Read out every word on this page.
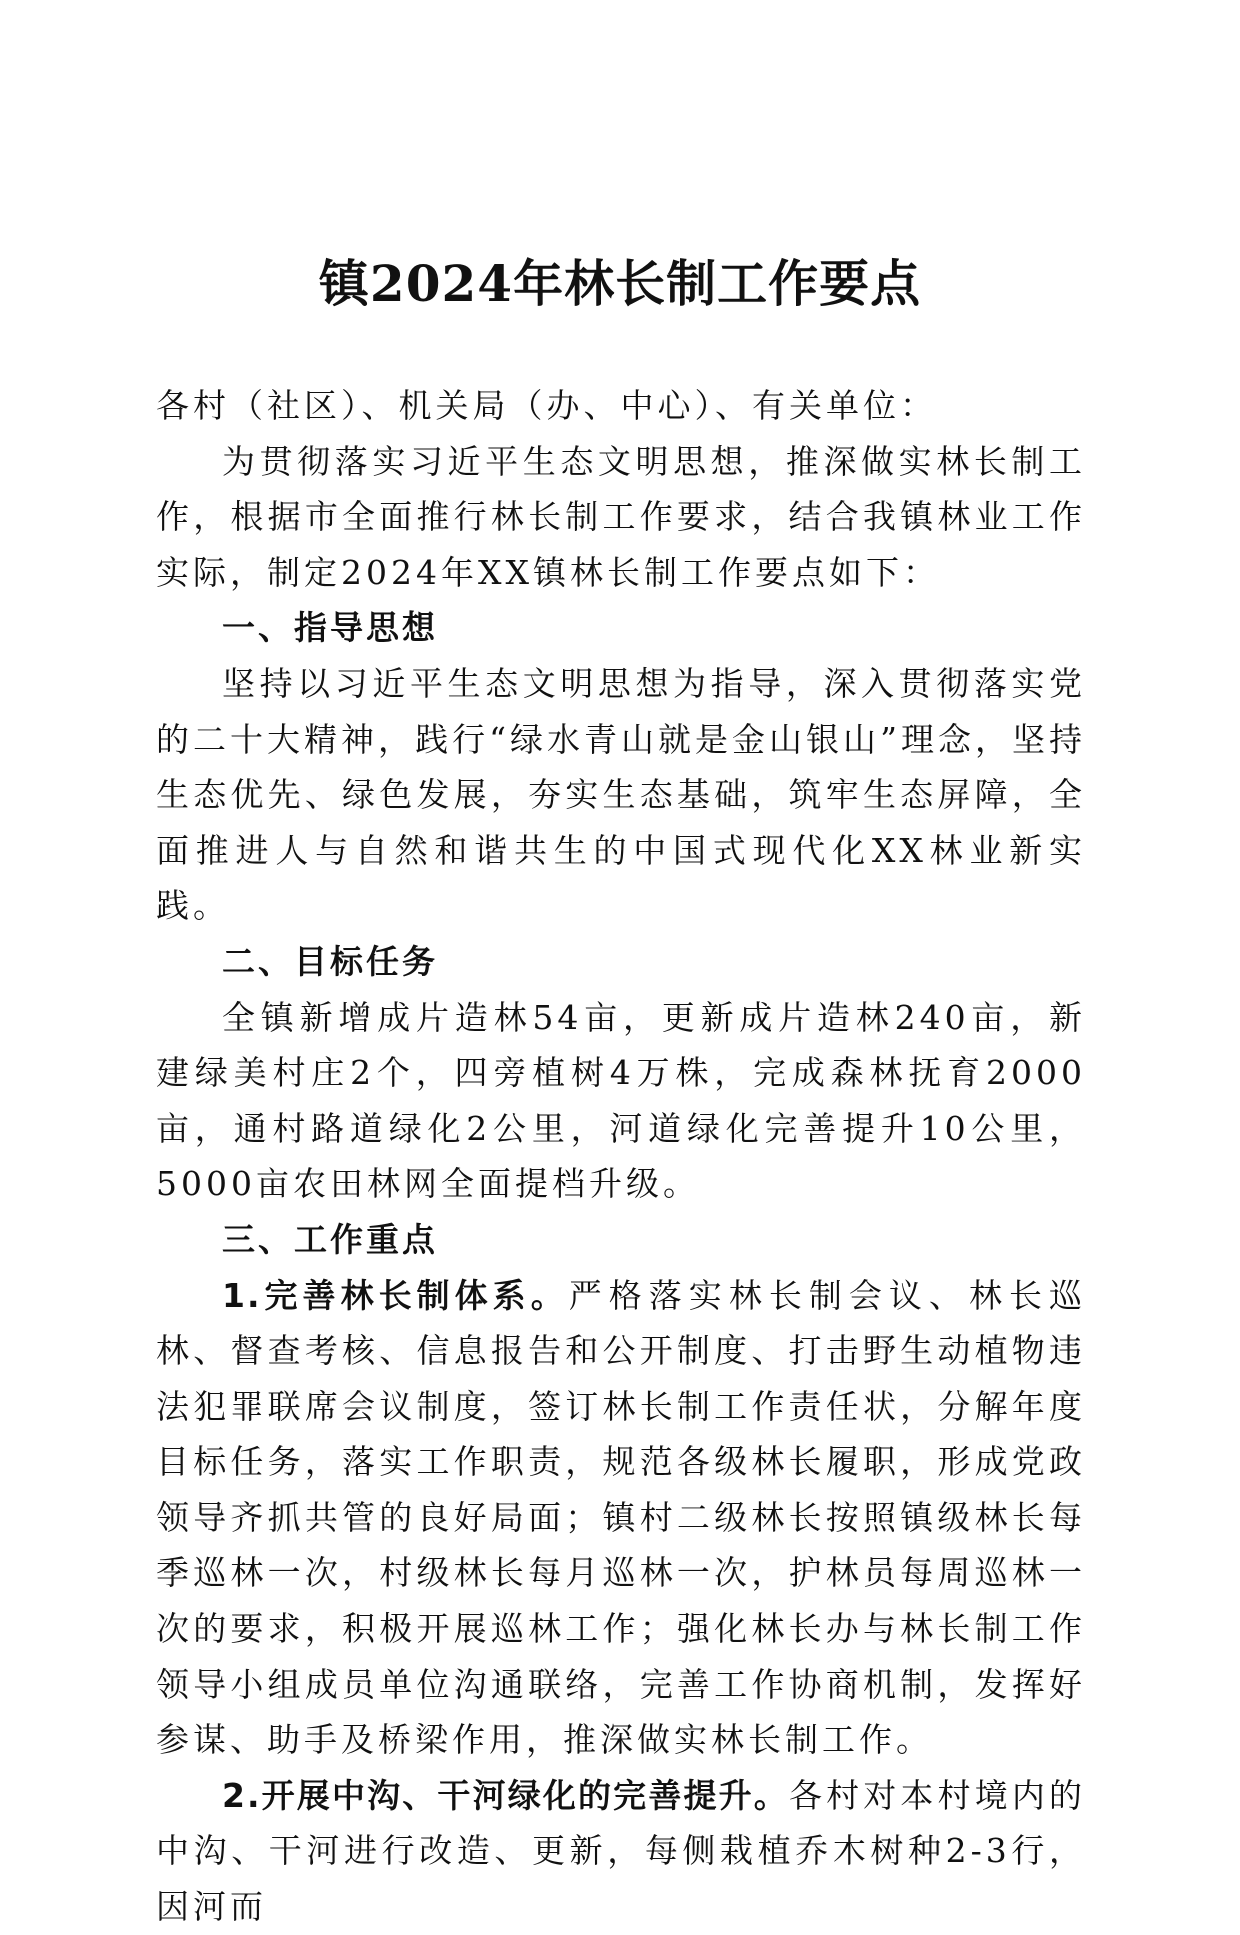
镇2024年林长制工作要点

各村（社区）、机关局（办、中心）、有关单位：

为贯彻落实习近平生态文明思想，推深做实林长制工作，根据市全面推行林长制工作要求，结合我镇林业工作实际，制定2024年XX镇林长制工作要点如下：

一、指导思想

坚持以习近平生态文明思想为指导，深入贯彻落实党的二十大精神，践行“绿水青山就是金山银山”理念，坚持生态优先、绿色发展，夯实生态基础，筑牢生态屏障，全面推进人与自然和谐共生的中国式现代化XX林业新实践。

二、目标任务

全镇新增成片造林54亩，更新成片造林240亩，新建绿美村庄2个，四旁植树4万株，完成森林抚育2000亩，通村路道绿化2公里，河道绿化完善提升10公里，5000亩农田林网全面提档升级。

三、工作重点

1.完善林长制体系。严格落实林长制会议、林长巡林、督查考核、信息报告和公开制度、打击野生动植物违法犯罪联席会议制度，签订林长制工作责任状，分解年度目标任务，落实工作职责，规范各级林长履职，形成党政领导齐抓共管的良好局面；镇村二级林长按照镇级林长每季巡林一次，村级林长每月巡林一次，护林员每周巡林一次的要求，积极开展巡林工作；强化林长办与林长制工作领导小组成员单位沟通联络，完善工作协商机制，发挥好参谋、助手及桥梁作用，推深做实林长制工作。

2.开展中沟、干河绿化的完善提升。各村对本村境内的中沟、干河进行改造、更新，每侧栽植乔木树种2-3行，因河而
